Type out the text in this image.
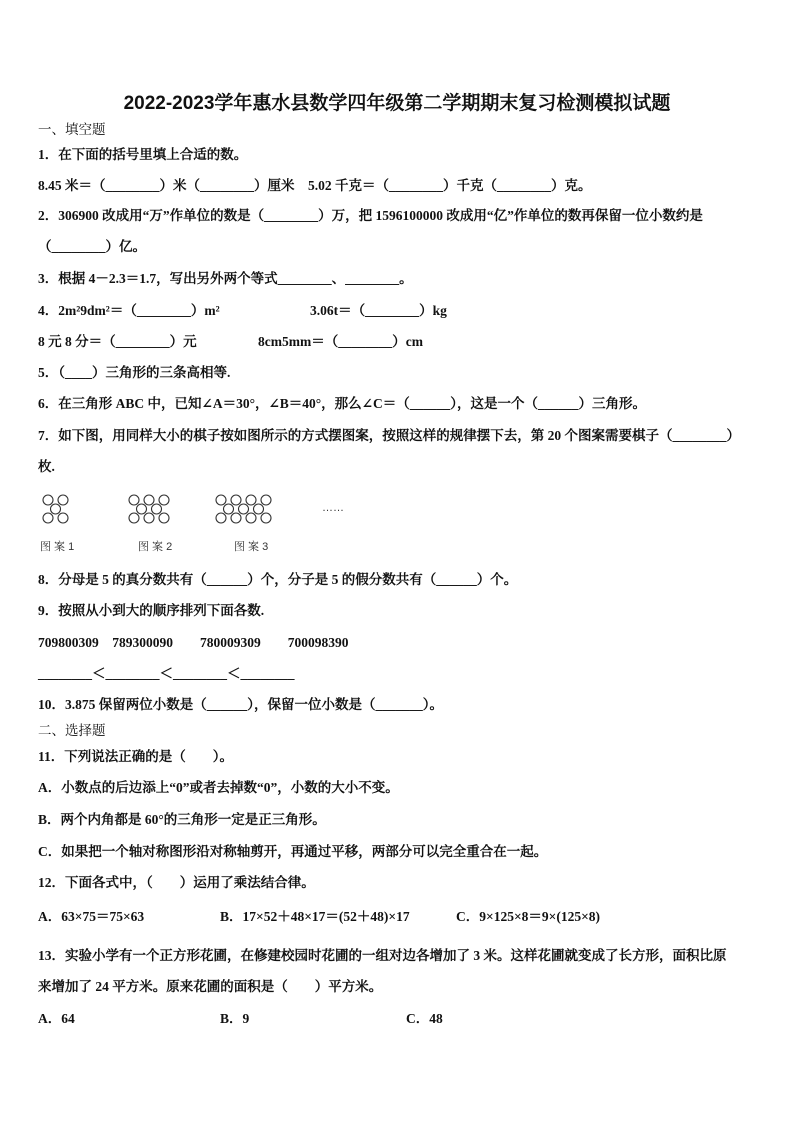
2022-2023学年惠水县数学四年级第二学期期末复习检测模拟试题
一、填空题
1．在下面的括号里填上合适的数。
8.45 米＝（________）米（________）厘米　5.02 千克＝（________）千克（________）克。
2．306900 改成用“万”作单位的数是（________）万，把 1596100000 改成用“亿”作单位的数再保留一位小数约是
（________）亿。
3．根据 4－2.3＝1.7，写出另外两个等式________、________。
4．2m²9dm²＝（________）m²	3.06t＝（________）kg
8 元 8 分＝（________）元	8cm5mm＝（________）cm
5．（____）三角形的三条高相等.
6．在三角形 ABC 中，已知∠A＝30°，∠B＝40°，那么∠C＝（______），这是一个（______）三角形。
7．如下图，用同样大小的棋子按如图所示的方式摆图案，按照这样的规律摆下去，第 20 个图案需要棋子（________）
枚.
……
图 案 1	图 案 2	图 案 3
8．分母是 5 的真分数共有（______）个，分子是 5 的假分数共有（______）个。
9．按照从小到大的顺序排列下面各数.
709800309　789300090　　780009309　　700098390
________＜________＜________＜________
10．3.875 保留两位小数是（______），保留一位小数是（_______）。
二、选择题
11．下列说法正确的是（　　）。
A．小数点的后边添上“0”或者去掉数“0”，小数的大小不变。
B．两个内角都是 60°的三角形一定是正三角形。
C．如果把一个轴对称图形沿对称轴剪开，再通过平移，两部分可以完全重合在一起。
12．下面各式中，（　　）运用了乘法结合律。
A．63×75＝75×63	B．17×52＋48×17＝(52＋48)×17	C．9×125×8＝9×(125×8)
13．实验小学有一个正方形花圃，在修建校园时花圃的一组对边各增加了 3 米。这样花圃就变成了长方形，面积比原
来增加了 24 平方米。原来花圃的面积是（　　）平方米。
A．64	B．9	C．48
